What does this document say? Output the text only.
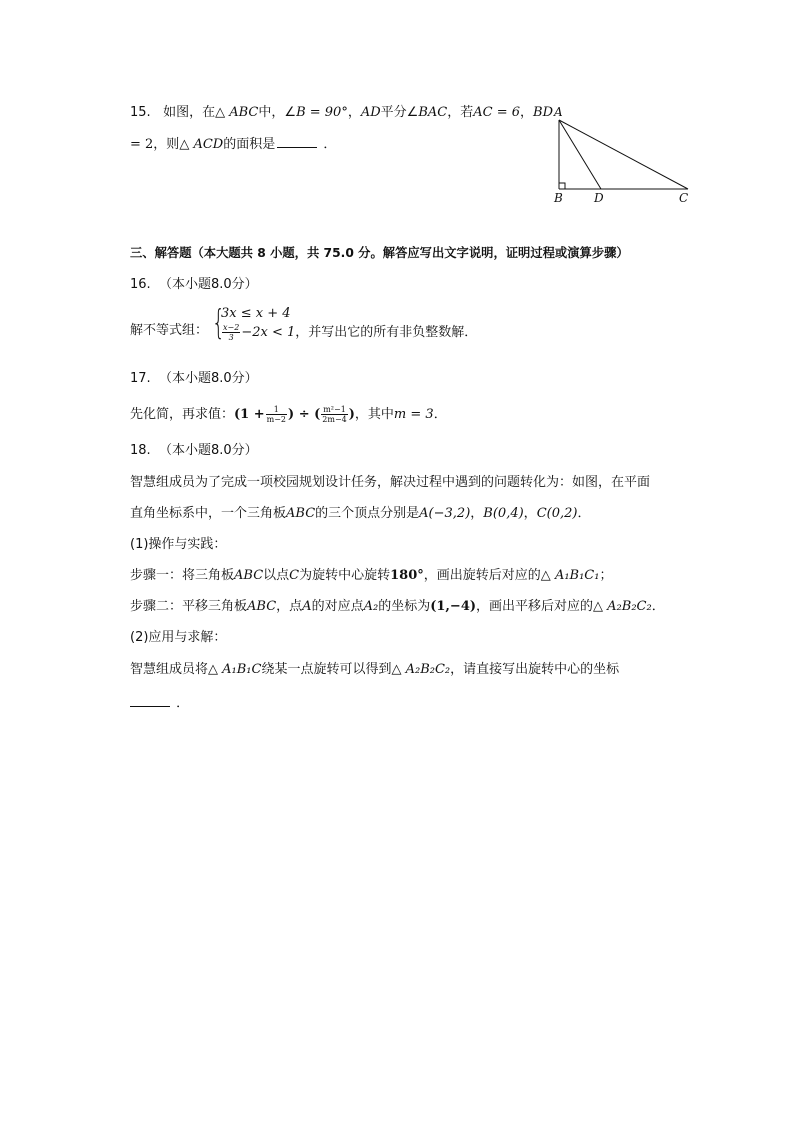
15. 如图，在△ ABC中，∠B = 90°，AD平分∠BAC，若AC = 6，BD
= 2，则△ ACD的面积是	．
A
B	D	C
三、解答题（本大题共 8 小题，共 75.0 分。解答应写出文字说明，证明过程或演算步骤）
16. （本小题8.0分）
解不等式组： {
3x ≤ x + 4
$\frac{x-2}{3} -2x < 1$，并写出它的所有非负整数解．
17. （本小题8.0分）
先化简，再求值：($1 + \frac{1}{m-2}$ ) ÷ ( $\frac{\text{m²−1}}{2m-4}$ )，其中m = 3．
18. （本小题8.0分）
智慧组成员为了完成一项校园规划设计任务，解决过程中遇到的问题转化为：如图，在平面
直角坐标系中，一个三角板ABC的三个顶点分别是A(−3,2)，B(0,4)，C(0,2)．
(1)操作与实践：
步骤一：将三角板ABC以点C为旋转中心旋转180°，画出旋转后对应的△ A₁B₁C₁；
步骤二：平移三角板ABC，点A的对应点A₂的坐标为(1,−4)，画出平移后对应的△ A₂B₂C₂．
(2)应用与求解：
智慧组成员将△ A₁B₁C绕某一点旋转可以得到△ A₂B₂C₂，请直接写出旋转中心的坐标
．
